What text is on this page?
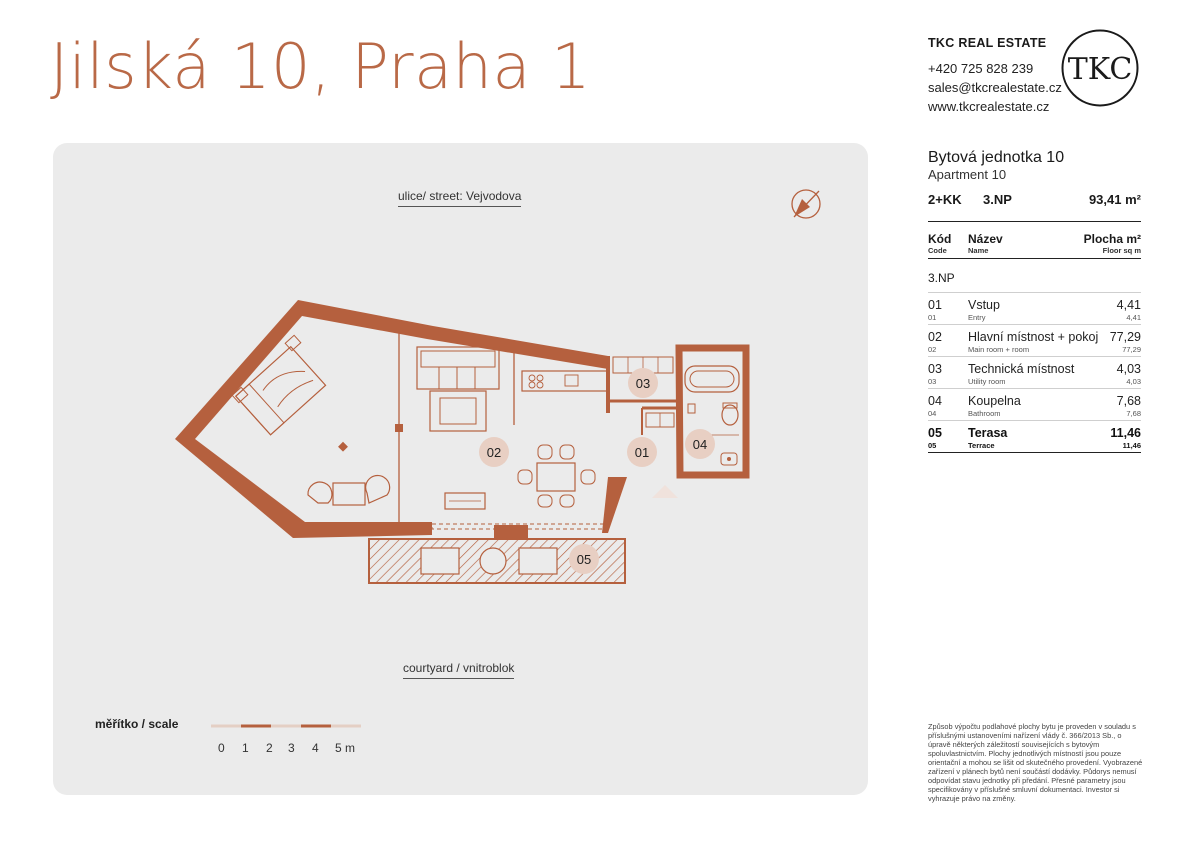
Jilská 10, Praha 1	TKC REAL ESTATE
+420 725 828 239
sales@tkcrealestate.cz
www.tkcrealestate.cz
TKC
02
03
01
04
05
ulice/ street: Vejvodova
courtyard / vnitroblok
měřítko / scale
0 1 2 3 4 5 m
Bytová jednotka 10
Apartment 10
2+KK	3.NP	93,41 m²
Kód	Název	Plocha m²
Code	Name	Floor sq m
3.NP
01	Vstup	4,41
01	Entry	4,41
02	Hlavní místnost + pokoj 77,29
02	Main room + room	77,29
03	Technická místnost	4,03
03	Utility room	4,03
04	Koupelna	7,68
04	Bathroom	7,68
05	Terasa	11,46
05	Terrace	11,46
Způsob výpočtu podlahové plochy bytu je proveden v souladu s příslušnými ustanoveními nařízení vlády č. 366/2013 Sb., o úpravě některých záležitostí souvisejících s bytovým spoluvlastnictvím. Plochy jednotlivých místností jsou pouze orientační a mohou se lišit od skutečného provedení. Vyobrazené zařízení v plánech bytů není součástí dodávky. Půdorys nemusí odpovídat stavu jednotky při předání. Přesné parametry jsou specifikovány v příslušné smluvní dokumentaci. Investor si vyhrazuje právo na změny.
